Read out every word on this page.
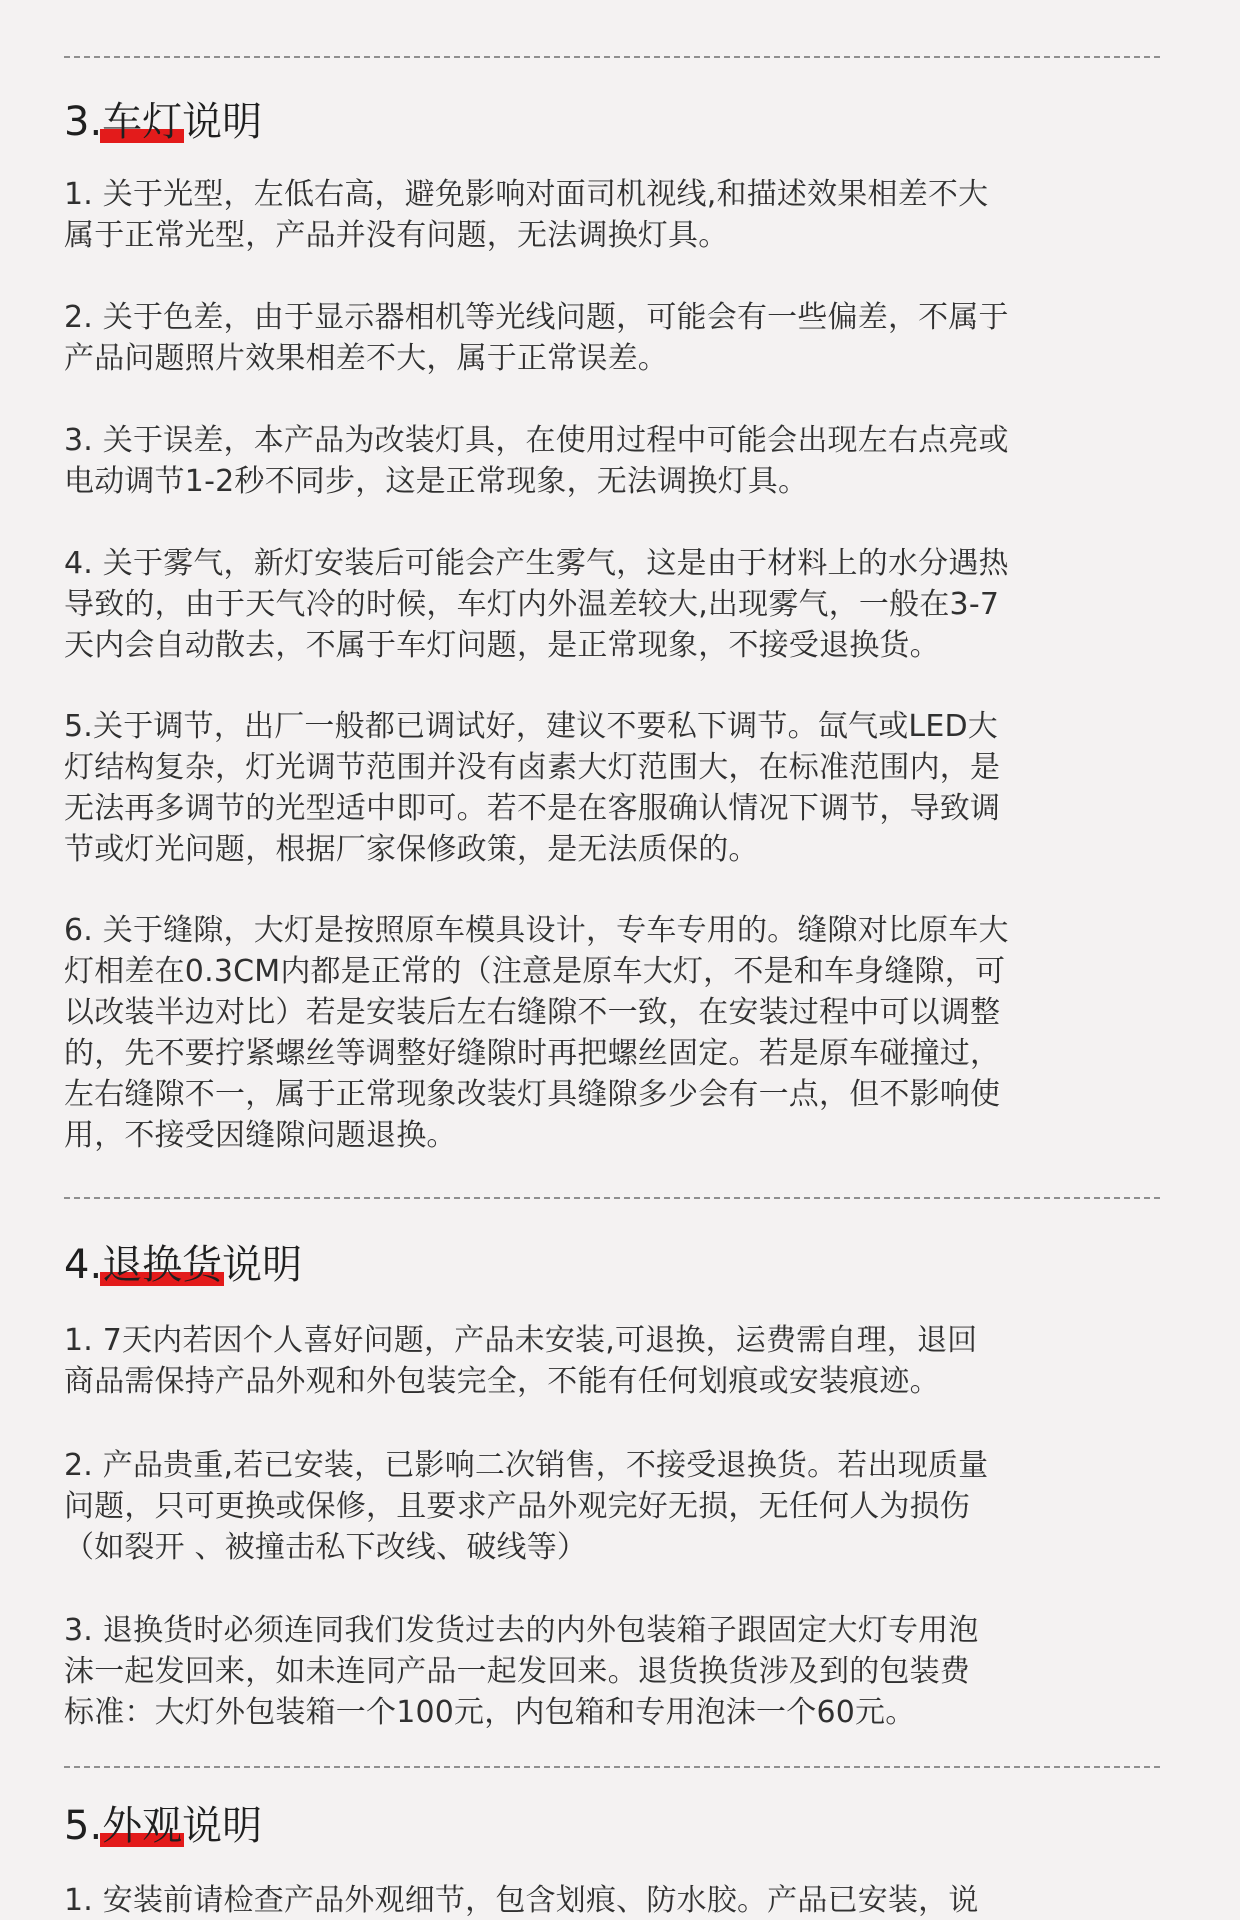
3.车灯说明
1. 关于光型，左低右高，避免影响对面司机视线,和描述效果相差不大
属于正常光型，产品并没有问题，无法调换灯具。
2. 关于色差，由于显示器相机等光线问题，可能会有一些偏差，不属于
产品问题照片效果相差不大，属于正常误差。
3. 关于误差，本产品为改装灯具，在使用过程中可能会出现左右点亮或
电动调节1-2秒不同步，这是正常现象，无法调换灯具。
4. 关于雾气，新灯安装后可能会产生雾气，这是由于材料上的水分遇热
导致的，由于天气冷的时候，车灯内外温差较大,出现雾气，一般在3-7
天内会自动散去，不属于车灯问题，是正常现象，不接受退换货。
5.关于调节，出厂一般都已调试好，建议不要私下调节。氙气或LED大
灯结构复杂，灯光调节范围并没有卤素大灯范围大，在标准范围内，是
无法再多调节的光型适中即可。若不是在客服确认情况下调节，导致调
节或灯光问题，根据厂家保修政策，是无法质保的。
6. 关于缝隙，大灯是按照原车模具设计，专车专用的。缝隙对比原车大
灯相差在0.3CM内都是正常的（注意是原车大灯，不是和车身缝隙，可
以改装半边对比）若是安装后左右缝隙不一致，在安装过程中可以调整
的，先不要拧紧螺丝等调整好缝隙时再把螺丝固定。若是原车碰撞过，
左右缝隙不一，属于正常现象改装灯具缝隙多少会有一点，但不影响使
用，不接受因缝隙问题退换。
4.退换货说明
1. 7天内若因个人喜好问题，产品未安装,可退换，运费需自理，退回
商品需保持产品外观和外包装完全，不能有任何划痕或安装痕迹。
2. 产品贵重,若已安装，已影响二次销售，不接受退换货。若出现质量
问题，只可更换或保修，且要求产品外观完好无损，无任何人为损伤
（如裂开 、被撞击私下改线、破线等）
3. 退换货时必须连同我们发货过去的内外包装箱子跟固定大灯专用泡
沫一起发回来，如未连同产品一起发回来。退货换货涉及到的包装费
标准：大灯外包装箱一个100元，内包箱和专用泡沫一个60元。
5.外观说明
1. 安装前请检查产品外观细节，包含划痕、防水胶。产品已安装，说
